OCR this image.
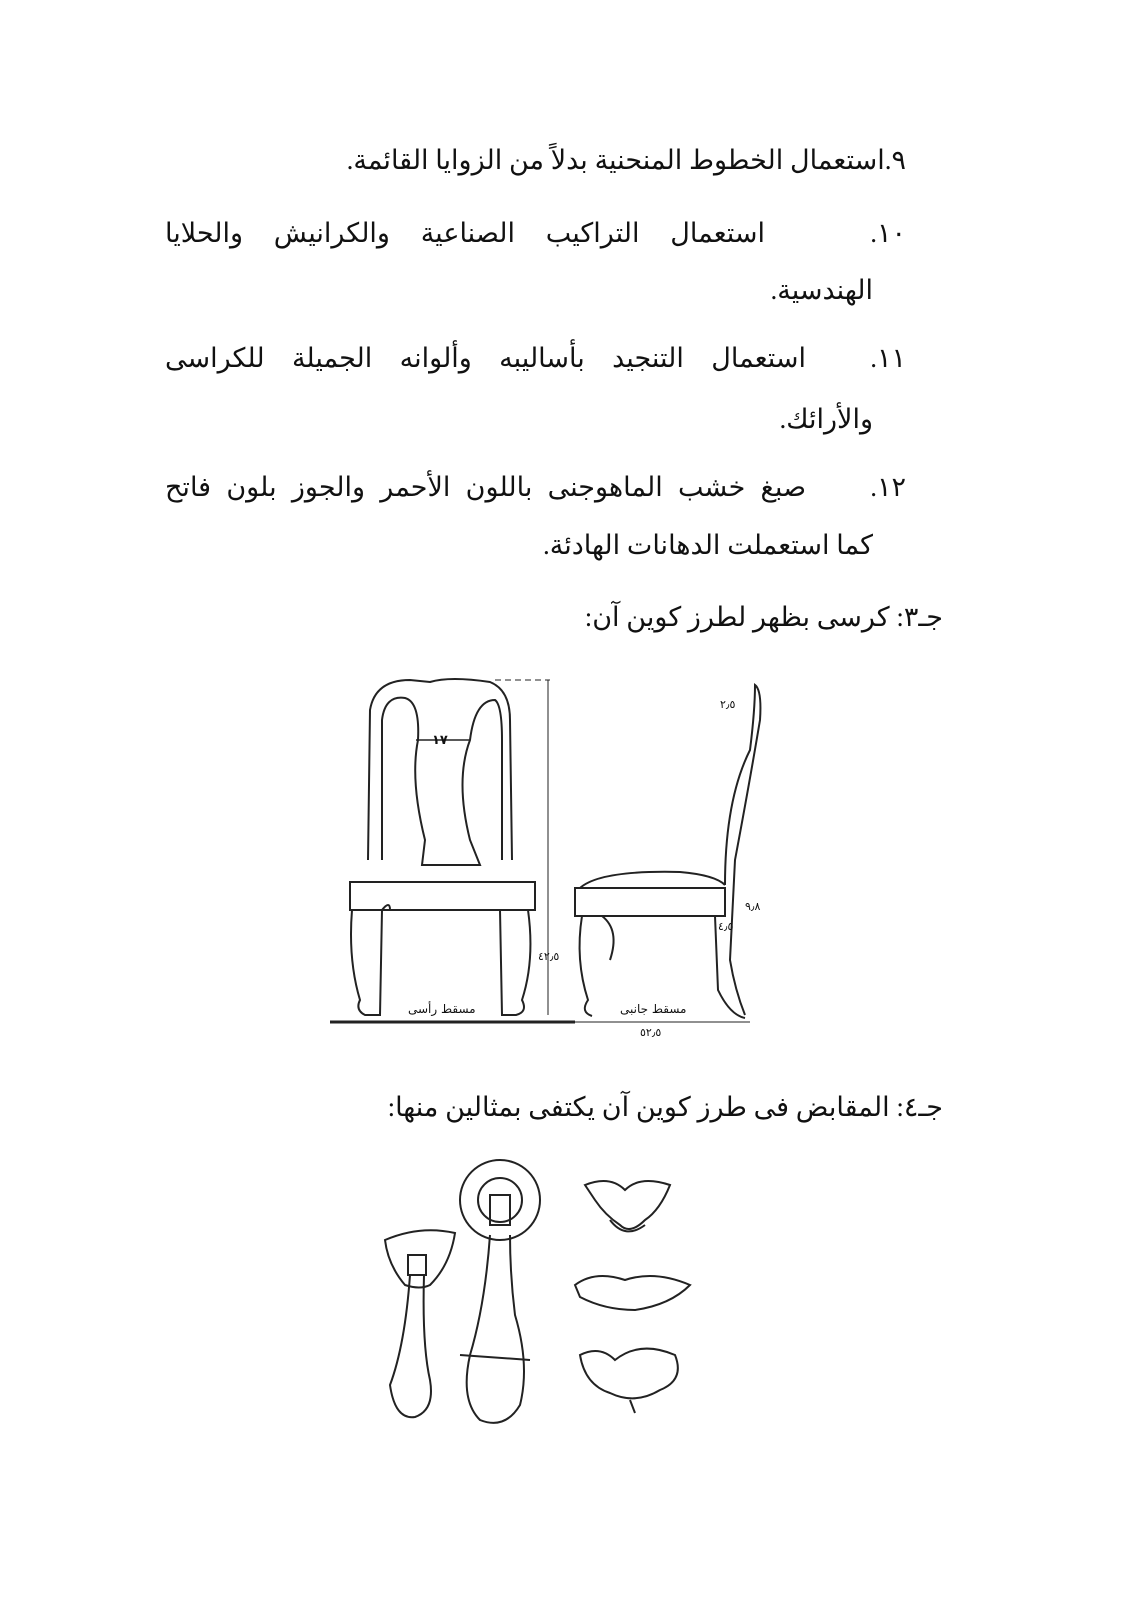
٩.استعمال الخطوط المنحنية بدلاً من الزوايا القائمة.
١٠.
استعمال التراكيب الصناعية والكرانيش والحلايا
الهندسية.
١١.
استعمال التنجيد بأساليبه وألوانه الجميلة للكراسى
والأرائك.
١٢.
صبغ خشب الماهوجنى باللون الأحمر والجوز بلون فاتح
كما استعملت الدهانات الهادئة.
جـ٣: كرسى بظهر لطرز كوين آن:
١٧
٤٢٫٥
مسقط رأسى
٢٫٥
٩٫٨
٤٫٥
مسقط جانبى
٥٢٫٥
جـ٤: المقابض فى طرز كوين آن يكتفى بمثالين منها:
